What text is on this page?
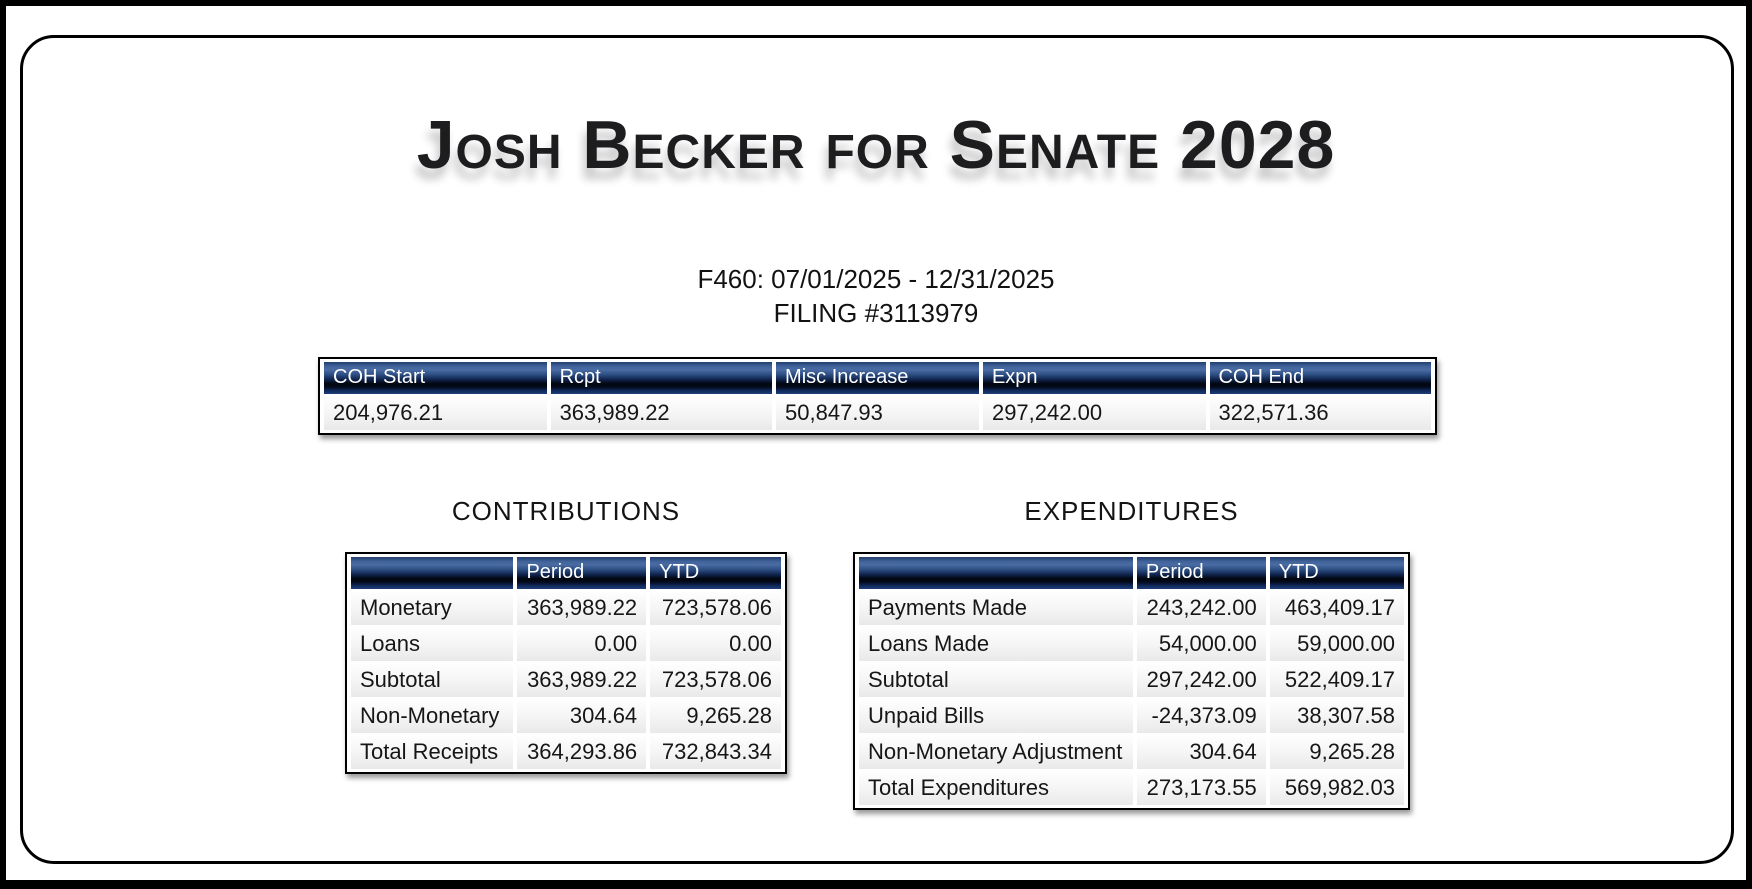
Josh Becker for Senate 2028
F460: 07/01/2025 - 12/31/2025
FILING #3113979
COH Start	Rcpt	Misc Increase	Expn	COH End
204,976.21	363,989.22	50,847.93	297,242.00	322,571.36
CONTRIBUTIONS	EXPENDITURES
	Period	YTD
Monetary	363,989.22	723,578.06
Loans	0.00	0.00
Subtotal	363,989.22	723,578.06
Non-Monetary	304.64	9,265.28
Total Receipts	364,293.86	732,843.34
	Period	YTD
Payments Made	243,242.00	463,409.17
Loans Made	54,000.00	59,000.00
Subtotal	297,242.00	522,409.17
Unpaid Bills	-24,373.09	38,307.58
Non-Monetary Adjustment	304.64	9,265.28
Total Expenditures	273,173.55	569,982.03
